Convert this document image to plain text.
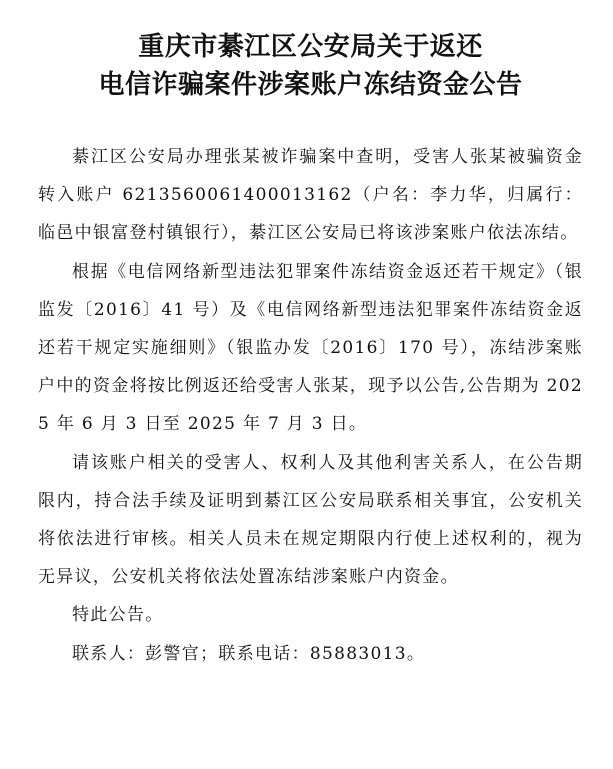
重庆市綦江区公安局关于返还
电信诈骗案件涉案账户冻结资金公告

綦江区公安局办理张某被诈骗案中查明，受害人张某被骗资金转入账户 6213560061400013162（户名：李力华，归属行：临邑中银富登村镇银行），綦江区公安局已将该涉案账户依法冻结。

根据《电信网络新型违法犯罪案件冻结资金返还若干规定》（银监发〔2016〕41 号）及《电信网络新型违法犯罪案件冻结资金返还若干规定实施细则》（银监办发〔2016〕170 号），冻结涉案账户中的资金将按比例返还给受害人张某，现予以公告,公告期为 2025 年 6 月 3 日至 2025 年 7 月 3 日。

请该账户相关的受害人、权利人及其他利害关系人，在公告期限内，持合法手续及证明到綦江区公安局联系相关事宜，公安机关将依法进行审核。相关人员未在规定期限内行使上述权利的，视为无异议，公安机关将依法处置冻结涉案账户内资金。

特此公告。

联系人：彭警官；联系电话：85883013。
